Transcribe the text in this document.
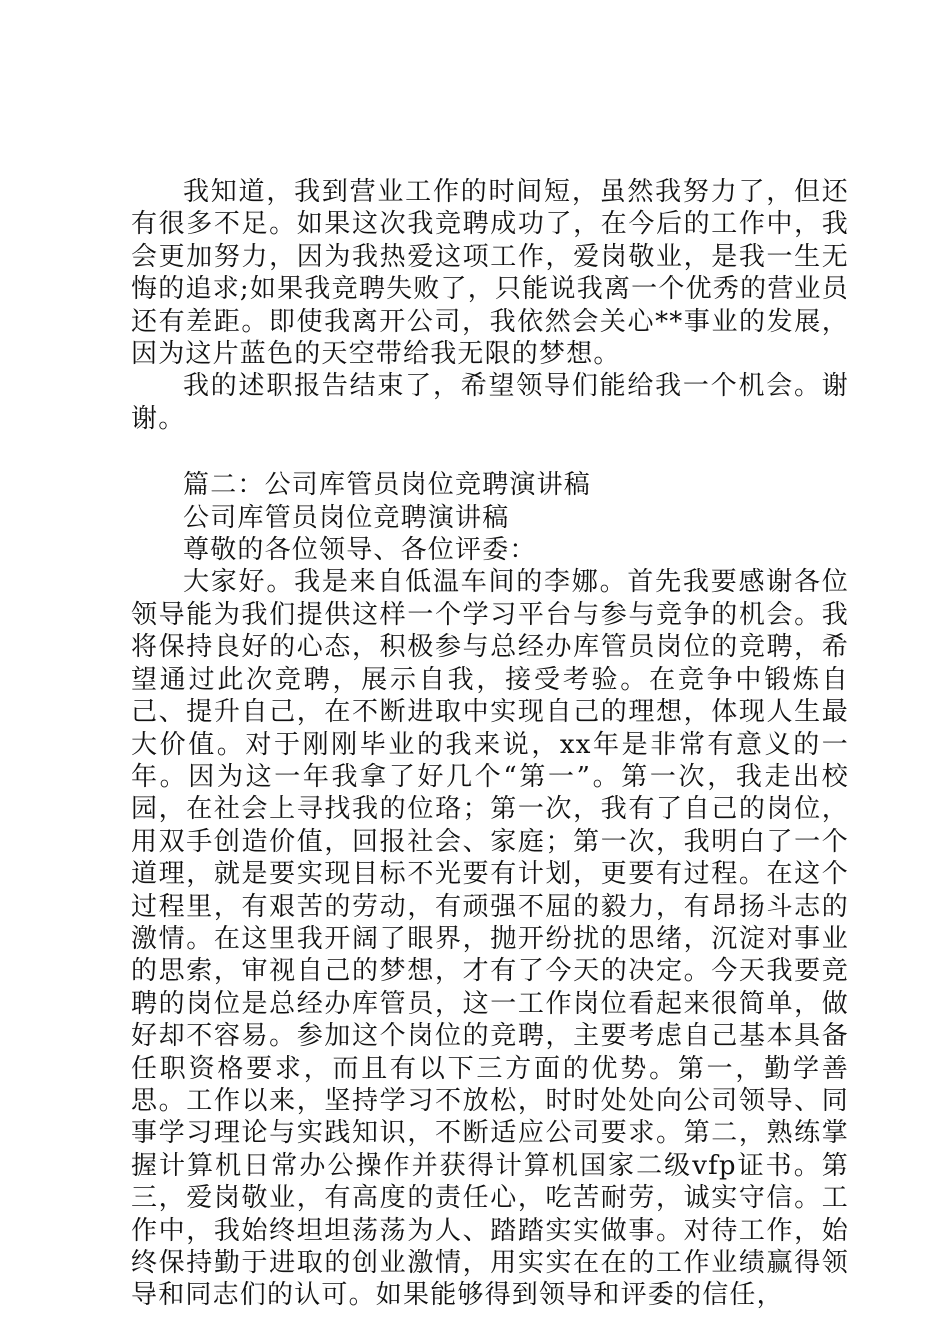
我知道，我到营业工作的时间短，虽然我努力了，但还有很多不足。如果这次我竞聘成功了，在今后的工作中，我会更加努力，因为我热爱这项工作，爱岗敬业，是我一生无悔的追求;如果我竞聘失败了，只能说我离一个优秀的营业员还有差距。即使我离开公司，我依然会关心**事业的发展，因为这片蓝色的天空带给我无限的梦想。

我的述职报告结束了，希望领导们能给我一个机会。谢谢。

篇二：公司库管员岗位竞聘演讲稿

公司库管员岗位竞聘演讲稿

尊敬的各位领导、各位评委：

大家好。我是来自低温车间的李娜。首先我要感谢各位领导能为我们提供这样一个学习平台与参与竞争的机会。我将保持良好的心态，积极参与总经办库管员岗位的竞聘，希望通过此次竞聘，展示自我，接受考验。在竞争中锻炼自己、提升自己，在不断进取中实现自己的理想，体现人生最大价值。对于刚刚毕业的我来说，xx年是非常有意义的一年。因为这一年我拿了好几个“第一”。第一次，我走出校园，在社会上寻找我的位珞；第一次，我有了自己的岗位，用双手创造价值，回报社会、家庭；第一次，我明白了一个道理，就是要实现目标不光要有计划，更要有过程。在这个过程里，有艰苦的劳动，有顽强不屈的毅力，有昂扬斗志的激情。在这里我开阔了眼界，抛开纷扰的思绪，沉淀对事业的思索，审视自己的梦想，才有了今天的决定。今天我要竞聘的岗位是总经办库管员，这一工作岗位看起来很简单，做好却不容易。参加这个岗位的竞聘，主要考虑自己基本具备任职资格要求，而且有以下三方面的优势。第一，勤学善思。工作以来，坚持学习不放松，时时处处向公司领导、同事学习理论与实践知识，不断适应公司要求。第二，熟练掌握计算机日常办公操作并获得计算机国家二级vfp证书。第三，爱岗敬业，有高度的责任心，吃苦耐劳，诚实守信。工作中，我始终坦坦荡荡为人、踏踏实实做事。对待工作，始终保持勤于进取的创业激情，用实实在在的工作业绩赢得领导和同志们的认可。如果能够得到领导和评委的信任，
